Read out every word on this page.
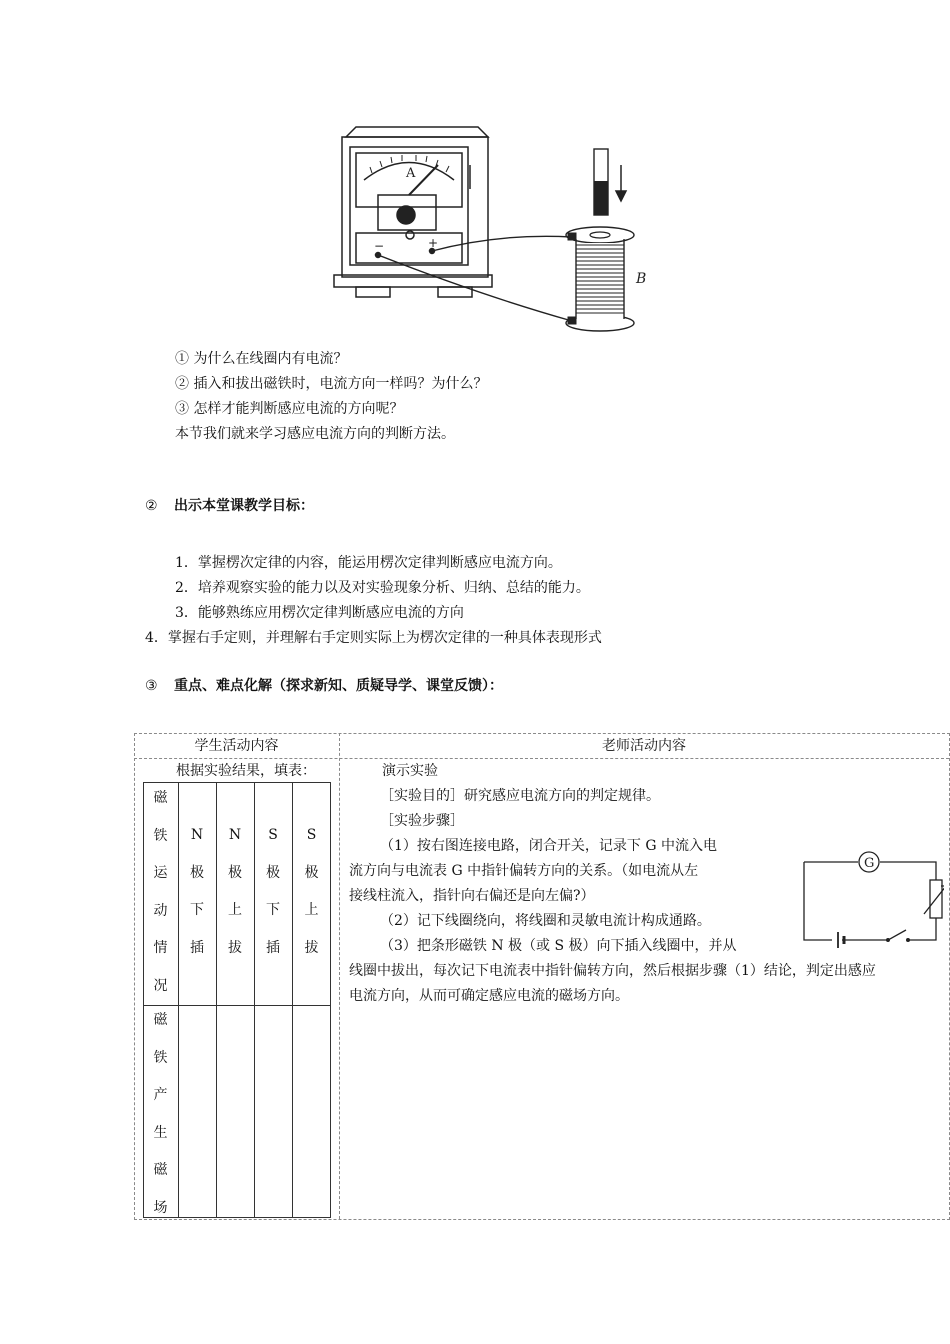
A
−	+
B
① 为什么在线圈内有电流？
② 插入和拔出磁铁时，电流方向一样吗？为什么？
③ 怎样才能判断感应电流的方向呢？
本节我们就来学习感应电流方向的判断方法。
② 出示本堂课教学目标：
1．掌握楞次定律的内容，能运用楞次定律判断感应电流方向。
2．培养观察实验的能力以及对实验现象分析、归纳、总结的能力。
3．能够熟练应用楞次定律判断感应电流的方向
4．掌握右手定则，并理解右手定则实际上为楞次定律的一种具体表现形式
③ 重点、难点化解（探求新知、质疑导学、课堂反馈）：
学生活动内容	老师活动内容
根据实验结果，填表：
磁
铁
运
动
情
况
磁
铁
产
生
磁
场
N
极
下
插
N
极
上
拔
S
极
下
插
S
极
上
拔
演示实验
［实验目的］研究感应电流方向的判定规律。
［实验步骤］
（1）按右图连接电路，闭合开关，记录下 G 中流入电
流方向与电流表 G 中指针偏转方向的关系。（如电流从左
接线柱流入，指针向右偏还是向左偏?）
（2）记下线圈绕向，将线圈和灵敏电流计构成通路。
（3）把条形磁铁 N 极（或 S 极）向下插入线圈中，并从
线圈中拔出，每次记下电流表中指针偏转方向，然后根据步骤（1）结论，判定出感应
电流方向，从而可确定感应电流的磁场方向。
G
